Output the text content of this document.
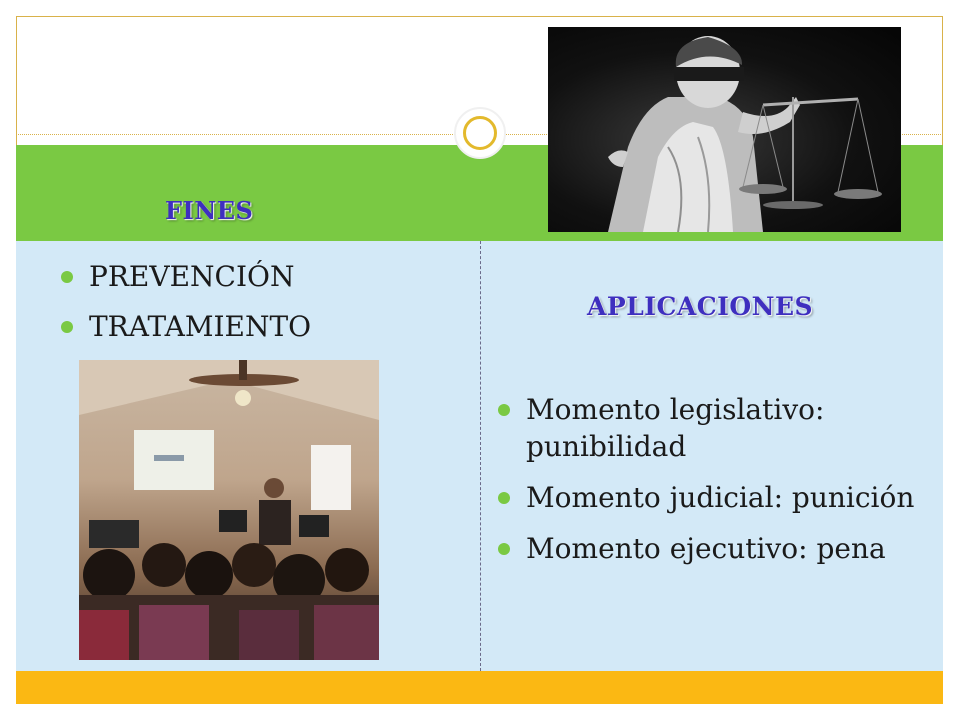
FINES
PREVENCIÓN
TRATAMIENTO
APLICACIONES
Momento legislativo: punibilidad
Momento judicial: punición
Momento ejecutivo: pena
